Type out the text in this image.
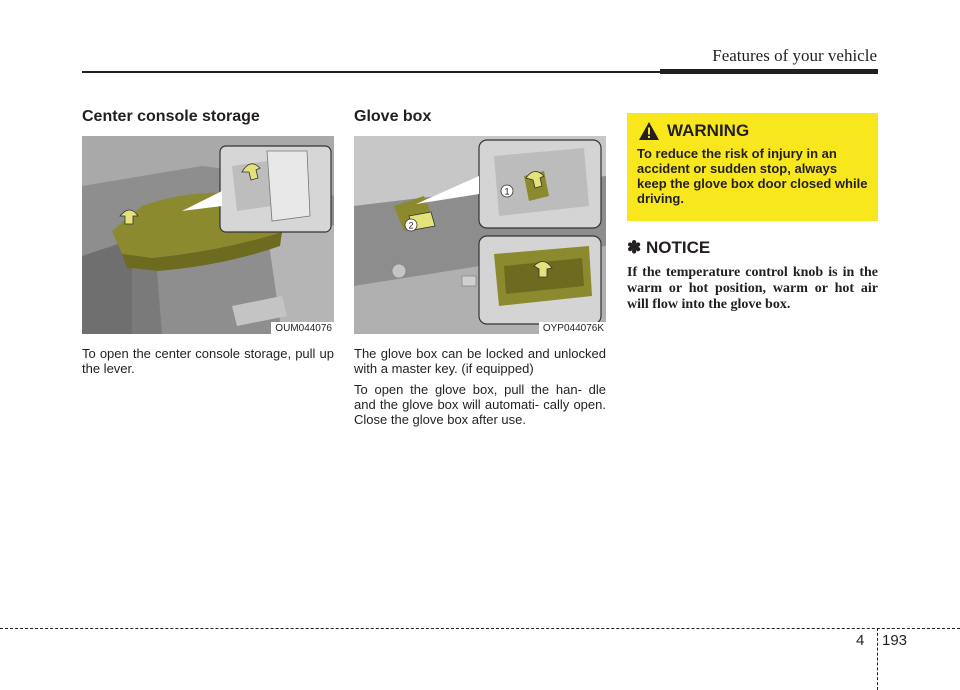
Features of your vehicle
Center console storage
OUM044076

To open the center console storage, pull up the lever.

Glove box
1
2
OYP044076K

The glove box can be locked and unlocked with a master key. (if equipped)

To open the glove box, pull the han- dle and the glove box will automati- cally open. Close the glove box after use.

WARNING
To reduce the risk of injury in an accident or sudden stop, always keep the glove box door closed while driving.
✽ NOTICE
If the temperature control knob is in the warm or hot position, warm or hot air will flow into the glove box.
4 193
